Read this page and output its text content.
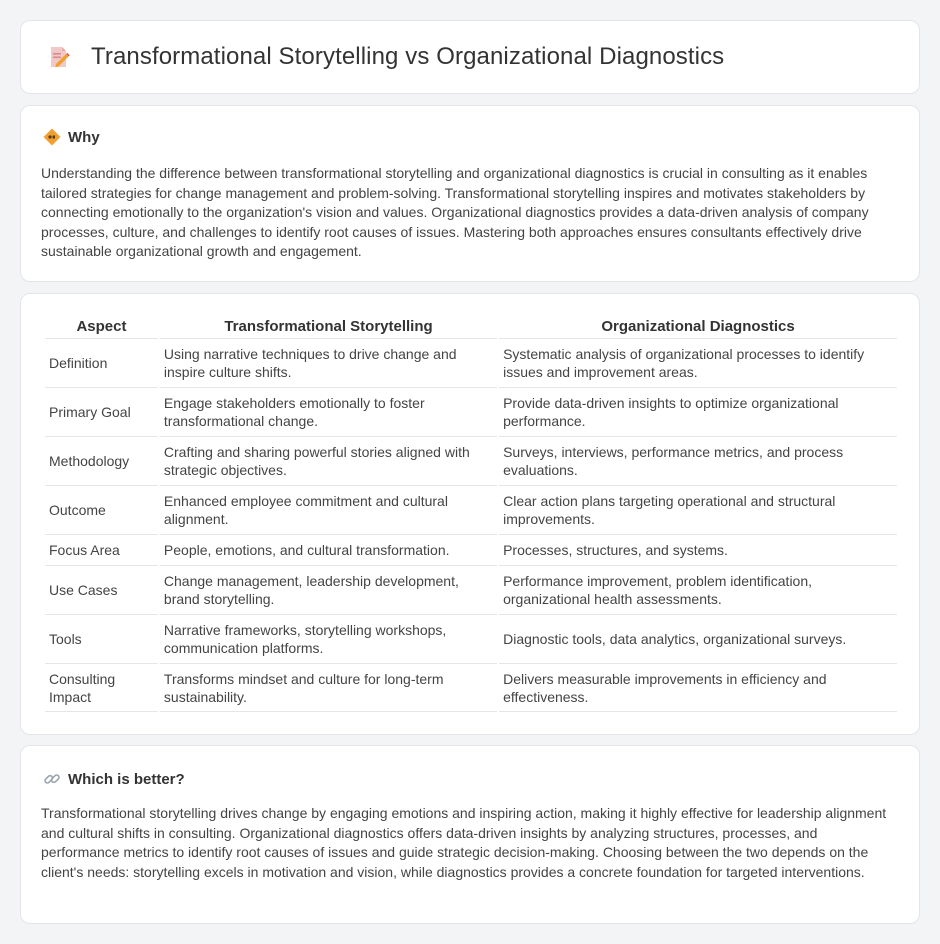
Transformational Storytelling vs Organizational Diagnostics
Why

Understanding the difference between transformational storytelling and organizational diagnostics is crucial in consulting as it enables tailored strategies for change management and problem-solving. Transformational storytelling inspires and motivates stakeholders by connecting emotionally to the organization's vision and values. Organizational diagnostics provides a data-driven analysis of company processes, culture, and challenges to identify root causes of issues. Mastering both approaches ensures consultants effectively drive sustainable organizational growth and engagement.

Aspect	Transformational Storytelling	Organizational Diagnostics
Definition	Using narrative techniques to drive change and inspire culture shifts.	Systematic analysis of organizational processes to identify issues and improvement areas.
Primary Goal	Engage stakeholders emotionally to foster transformational change.	Provide data-driven insights to optimize organizational performance.
Methodology	Crafting and sharing powerful stories aligned with strategic objectives.	Surveys, interviews, performance metrics, and process evaluations.
Outcome	Enhanced employee commitment and cultural alignment.	Clear action plans targeting operational and structural improvements.
Focus Area	People, emotions, and cultural transformation.	Processes, structures, and systems.
Use Cases	Change management, leadership development, brand storytelling.	Performance improvement, problem identification, organizational health assessments.
Tools	Narrative frameworks, storytelling workshops, communication platforms.	Diagnostic tools, data analytics, organizational surveys.
Consulting Impact	Transforms mindset and culture for long-term sustainability.	Delivers measurable improvements in efficiency and effectiveness.
Which is better?

Transformational storytelling drives change by engaging emotions and inspiring action, making it highly effective for leadership alignment and cultural shifts in consulting. Organizational diagnostics offers data-driven insights by analyzing structures, processes, and performance metrics to identify root causes of issues and guide strategic decision-making. Choosing between the two depends on the client's needs: storytelling excels in motivation and vision, while diagnostics provides a concrete foundation for targeted interventions.
